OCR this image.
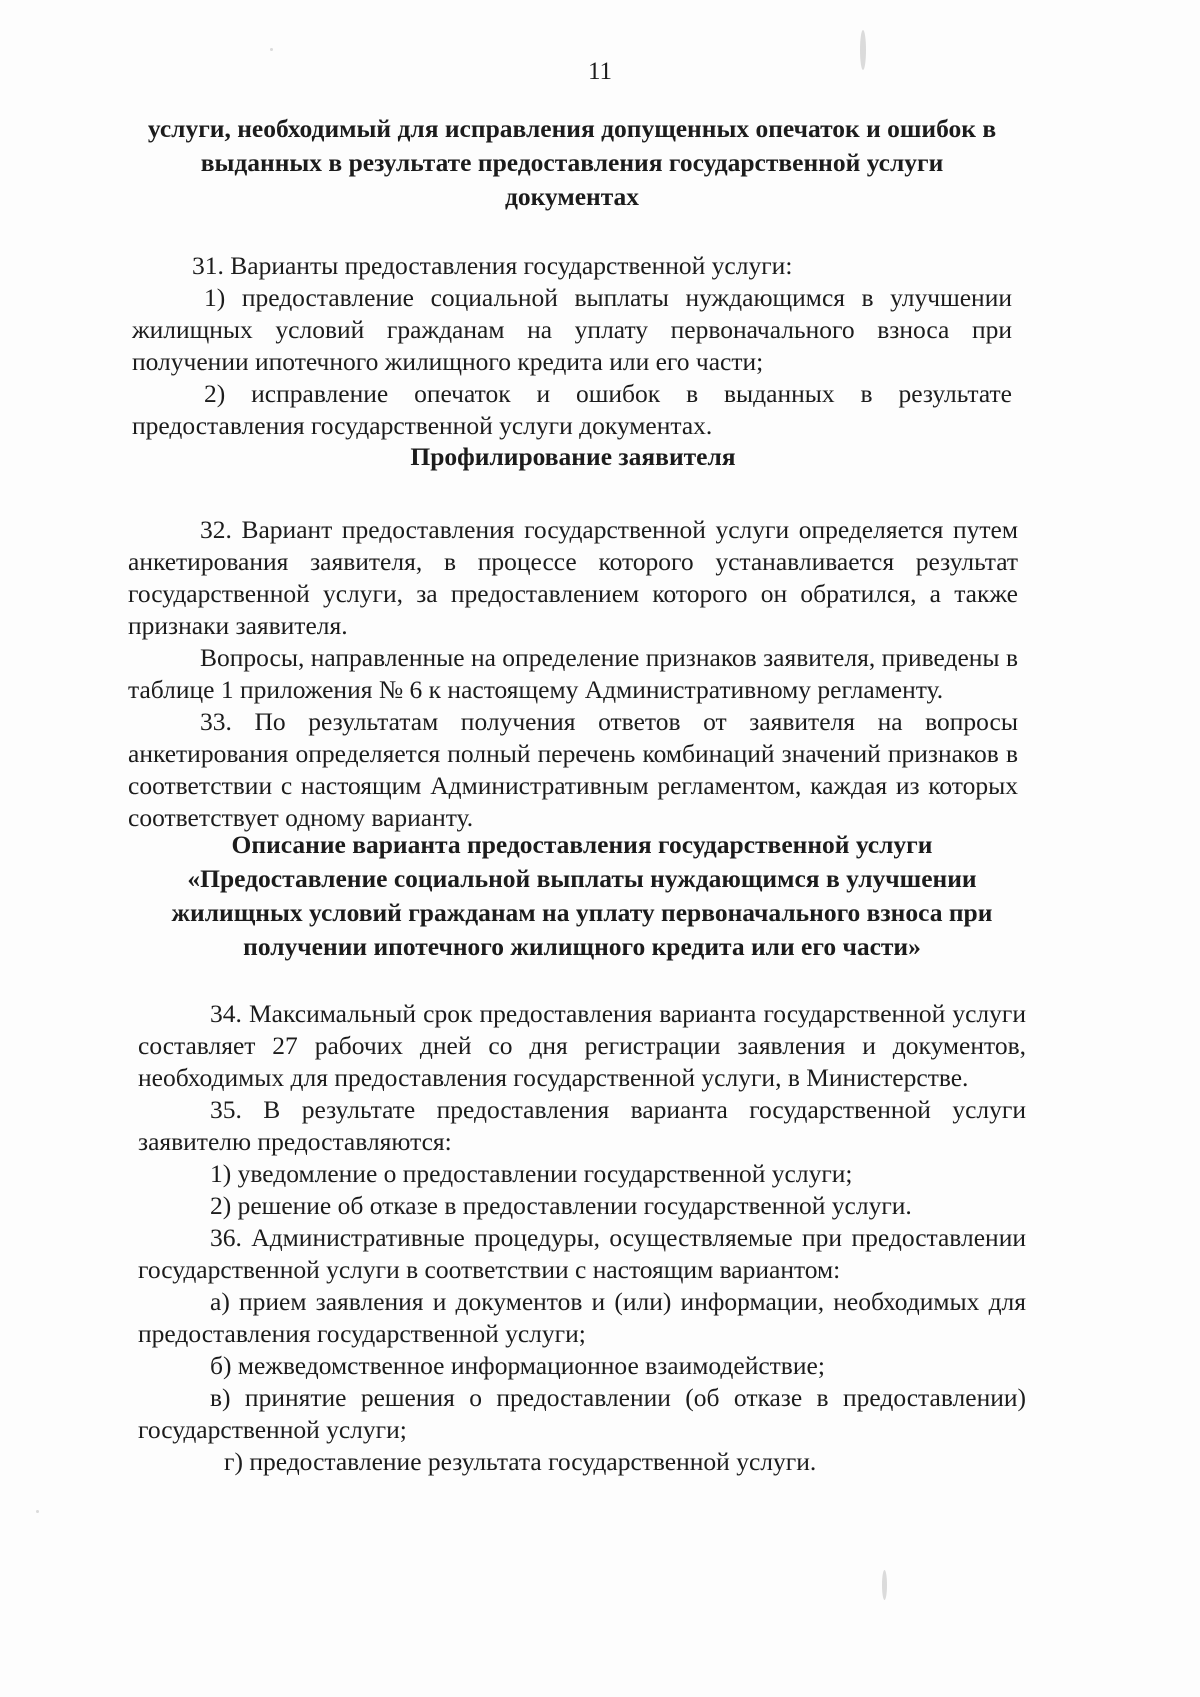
11
услуги, необходимый для исправления допущенных опечаток и ошибок в
выданных в результате предоставления государственной услуги
документах

31. Варианты предоставления государственной услуги:

1) предоставление социальной выплаты нуждающимся в улучшении жилищных условий гражданам на уплату первоначального взноса при получении ипотечного жилищного кредита или его части;

2) исправление опечаток и ошибок в выданных в результате предоставления государственной услуги документах.

Профилирование заявителя

32. Вариант предоставления государственной услуги определяется путем анкетирования заявителя, в процессе которого устанавливается результат государственной услуги, за предоставлением которого он обратился, а также признаки заявителя.

Вопросы, направленные на определение признаков заявителя, приведены в таблице 1 приложения № 6 к настоящему Административному регламенту.

33. По результатам получения ответов от заявителя на вопросы анкетирования определяется полный перечень комбинаций значений признаков в соответствии с настоящим Административным регламентом, каждая из которых соответствует одному варианту.

Описание варианта предоставления государственной услуги
«Предоставление социальной выплаты нуждающимся в улучшении
жилищных условий гражданам на уплату первоначального взноса при
получении ипотечного жилищного кредита или его части»

34. Максимальный срок предоставления варианта государственной услуги составляет 27 рабочих дней со дня регистрации заявления и документов, необходимых для предоставления государственной услуги, в Министерстве.

35. В результате предоставления варианта государственной услуги заявителю предоставляются:

1) уведомление о предоставлении государственной услуги;

2) решение об отказе в предоставлении государственной услуги.

36. Административные процедуры, осуществляемые при предоставлении государственной услуги в соответствии с настоящим вариантом:

а) прием заявления и документов и (или) информации, необходимых для предоставления государственной услуги;

б) межведомственное информационное взаимодействие;

в) принятие решения о предоставлении (об отказе в предоставлении) государственной услуги;

г) предоставление результата государственной услуги.
